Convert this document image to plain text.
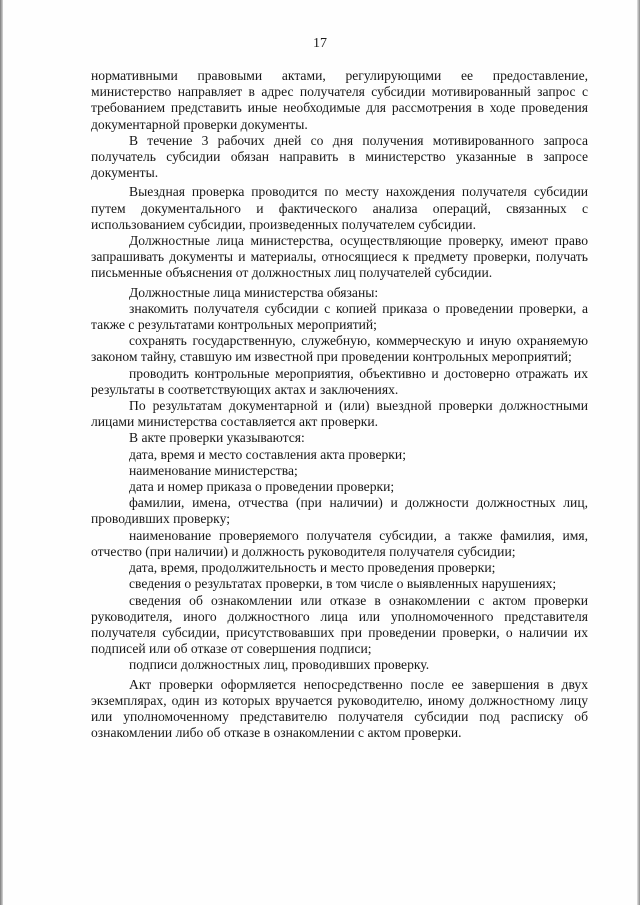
17

нормативными правовыми актами, регулирующими ее предоставление, министерство направляет в адрес получателя субсидии мотивированный запрос с требованием представить иные необходимые для рассмотрения в ходе проведения документарной проверки документы.

В течение 3 рабочих дней со дня получения мотивированного запроса получатель субсидии обязан направить в министерство указанные в запросе документы.

Выездная проверка проводится по месту нахождения получателя субсидии путем документального и фактического анализа операций, связанных с использованием субсидии, произведенных получателем субсидии.

Должностные лица министерства, осуществляющие проверку, имеют право запрашивать документы и материалы, относящиеся к предмету проверки, получать письменные объяснения от должностных лиц получателей субсидии.

Должностные лица министерства обязаны:

знакомить получателя субсидии с копией приказа о проведении проверки, а также с результатами контрольных мероприятий;

сохранять государственную, служебную, коммерческую и иную охраняемую законом тайну, ставшую им известной при проведении контрольных мероприятий;

проводить контрольные мероприятия, объективно и достоверно отражать их результаты в соответствующих актах и заключениях.

По результатам документарной и (или) выездной проверки должностными лицами министерства составляется акт проверки.

В акте проверки указываются:

дата, время и место составления акта проверки;

наименование министерства;

дата и номер приказа о проведении проверки;

фамилии, имена, отчества (при наличии) и должности должностных лиц, проводивших проверку;

наименование проверяемого получателя субсидии, а также фамилия, имя, отчество (при наличии) и должность руководителя получателя субсидии;

дата, время, продолжительность и место проведения проверки;

сведения о результатах проверки, в том числе о выявленных нарушениях;

сведения об ознакомлении или отказе в ознакомлении с актом проверки руководителя, иного должностного лица или уполномоченного представителя получателя субсидии, присутствовавших при проведении проверки, о наличии их подписей или об отказе от совершения подписи;

подписи должностных лиц, проводивших проверку.

Акт проверки оформляется непосредственно после ее завершения в двух экземплярах, один из которых вручается руководителю, иному должностному лицу или уполномоченному представителю получателя субсидии под расписку об ознакомлении либо об отказе в ознакомлении с актом проверки.
